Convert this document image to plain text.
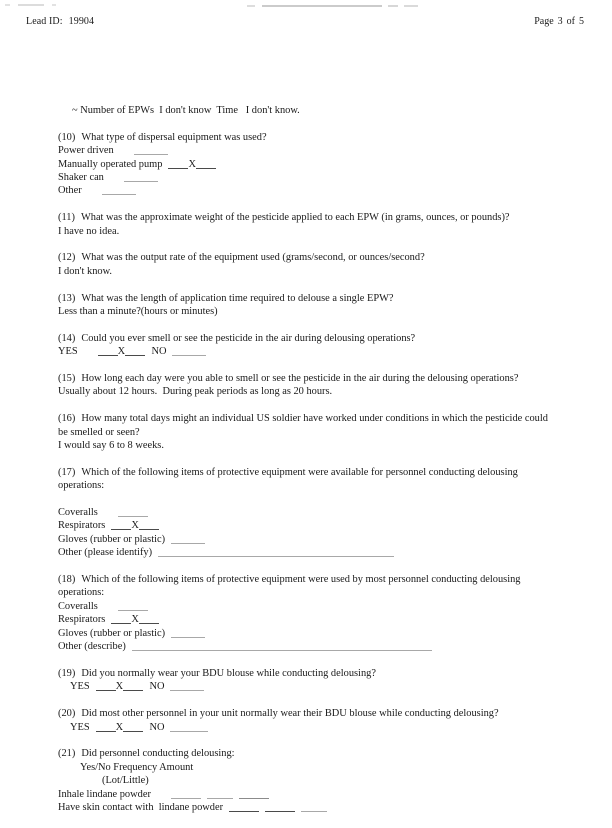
Lead ID: 19904	Page 3 of 5
~ Number of EPWs  I don't know  Time   I don't know.
(10) What type of dispersal equipment was used?
Power driven
Manually operated pump	X
Shaker can
Other
(11) What was the approximate weight of the pesticide applied to each EPW (in grams, ounces, or pounds)?
I have no idea.
(12) What was the output rate of the equipment used (grams/second, or ounces/second?
I don't know.
(13) What was the length of application time required to delouse a single EPW?
Less than a minute?(hours or minutes)
(14) Could you ever smell or see the pesticide in the air during delousing operations?
YES	X	NO
(15) How long each day were you able to smell or see the pesticide in the air during the delousing operations?
Usually about 12 hours.  During peak periods as long as 20 hours.
(16) How many total days might an individual US soldier have worked under conditions in which the pesticide could be smelled or seen?
I would say 6 to 8 weeks.
(17) Which of the following items of protective equipment were available for personnel conducting delousing operations:
Coveralls
Respirators	X
Gloves (rubber or plastic)
Other (please identify)
(18) Which of the following items of protective equipment were used by most personnel conducting delousing operations:
Coveralls
Respirators	X
Gloves (rubber or plastic)
Other (describe)
(19) Did you normally wear your BDU blouse while conducting delousing?
YES	X	NO
(20) Did most other personnel in your unit normally wear their BDU blouse while conducting delousing?
YES	X	NO
(21) Did personnel conducting delousing:
Yes/No Frequency Amount
(Lot/Little)
Inhale lindane powder
Have skin contact with  lindane powder
